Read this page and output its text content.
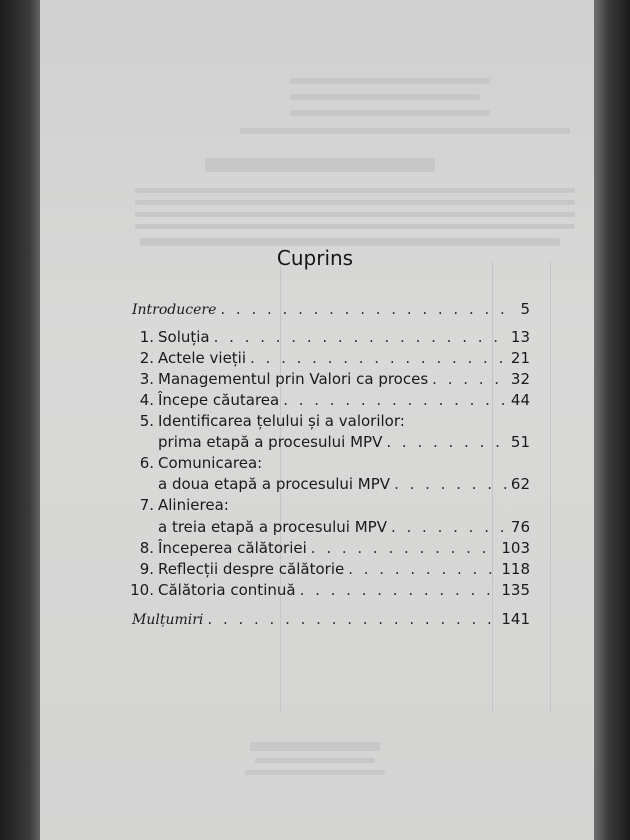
Cuprins
Introducere . . .	5
1. Soluția . . .	13
2. Actele vieții . . .	21
3. Managementul prin Valori ca proces . . .	32
4. Începe căutarea . . .	44
5. Identificarea țelului și a valorilor:
prima etapă a procesului MPV . . .	51
6. Comunicarea:
a doua etapă a procesului MPV . . .	62
7. Alinierea:
a treia etapă a procesului MPV . . .	76
8. Începerea călătoriei . . .	103
9. Reflecții despre călătorie . . .	118
10. Călătoria continuă . . .	135
Mulțumiri . . .	141
